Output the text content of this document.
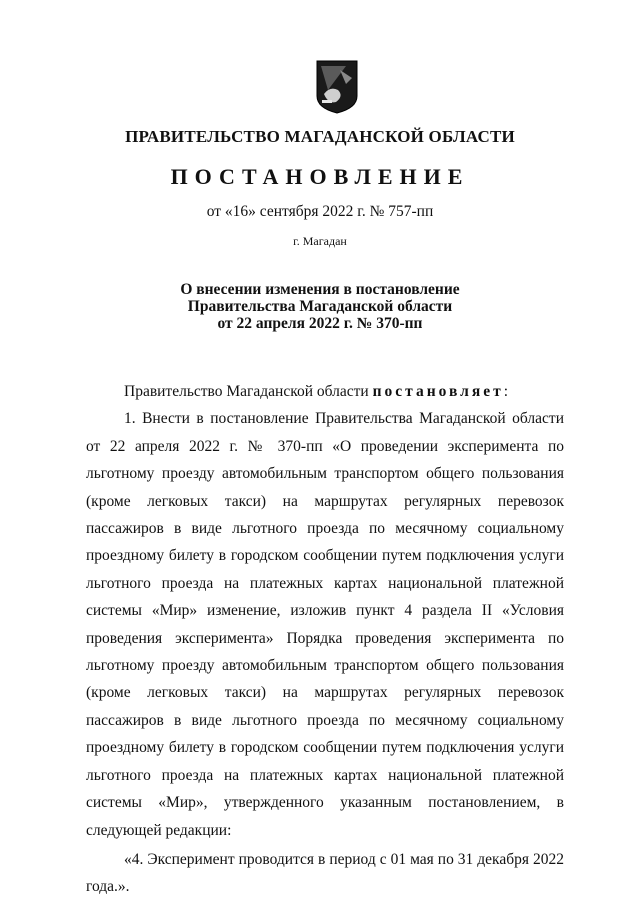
ПРАВИТЕЛЬСТВО МАГАДАНСКОЙ ОБЛАСТИ
ПОСТАНОВЛЕНИЕ
от «16» сентября 2022 г. № 757-пп
г. Магадан
О внесении изменения в постановление
Правительства Магаданской области
от 22 апреля 2022 г. № 370-пп

Правительство Магаданской области постановляет:

1. Внести в постановление Правительства Магаданской области от 22 апреля 2022 г. № 370-пп «О проведении эксперимента по льготному проезду автомобильным транспортом общего пользования (кроме легковых такси) на маршрутах регулярных перевозок пассажиров в виде льготного проезда по месячному социальному проездному билету в городском сообщении путем подключения услуги льготного проезда на платежных картах национальной платежной системы «Мир» изменение, изложив пункт 4 раздела II «Условия проведения эксперимента» Порядка проведения эксперимента по льготному проезду автомобильным транспортом общего пользования (кроме легковых такси) на маршрутах регулярных перевозок пассажиров в виде льготного проезда по месячному социальному проездному билету в городском сообщении путем подключения услуги льготного проезда на платежных картах национальной платежной системы «Мир», утвержденного указанным постановлением, в следующей редакции:

«4. Эксперимент проводится в период с 01 мая по 31 декабря 2022 года.».
